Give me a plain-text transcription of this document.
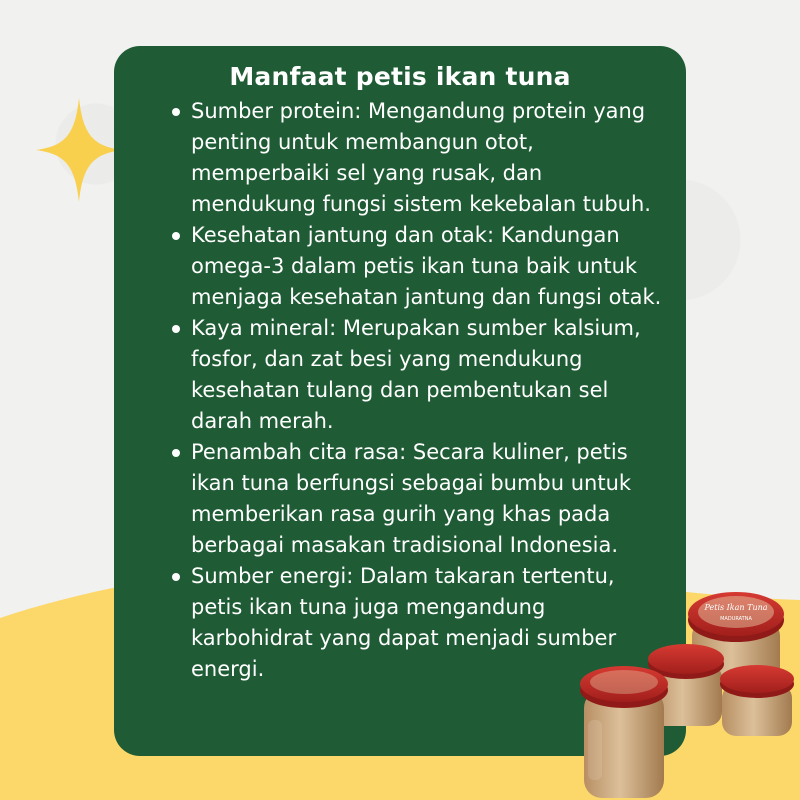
Manfaat petis ikan tuna
Sumber protein: Mengandung protein yang penting untuk membangun otot, memperbaiki sel yang rusak, dan mendukung fungsi sistem kekebalan tubuh.
Kesehatan jantung dan otak: Kandungan omega-3 dalam petis ikan tuna baik untuk menjaga kesehatan jantung dan fungsi otak.
Kaya mineral: Merupakan sumber kalsium, fosfor, dan zat besi yang mendukung kesehatan tulang dan pembentukan sel darah merah.
Penambah cita rasa: Secara kuliner, petis ikan tuna berfungsi sebagai bumbu untuk memberikan rasa gurih yang khas pada berbagai masakan tradisional Indonesia.
Sumber energi: Dalam takaran tertentu, petis ikan tuna juga mengandung karbohidrat yang dapat menjadi sumber energi.
Petis Ikan Tuna
MADURATNA
